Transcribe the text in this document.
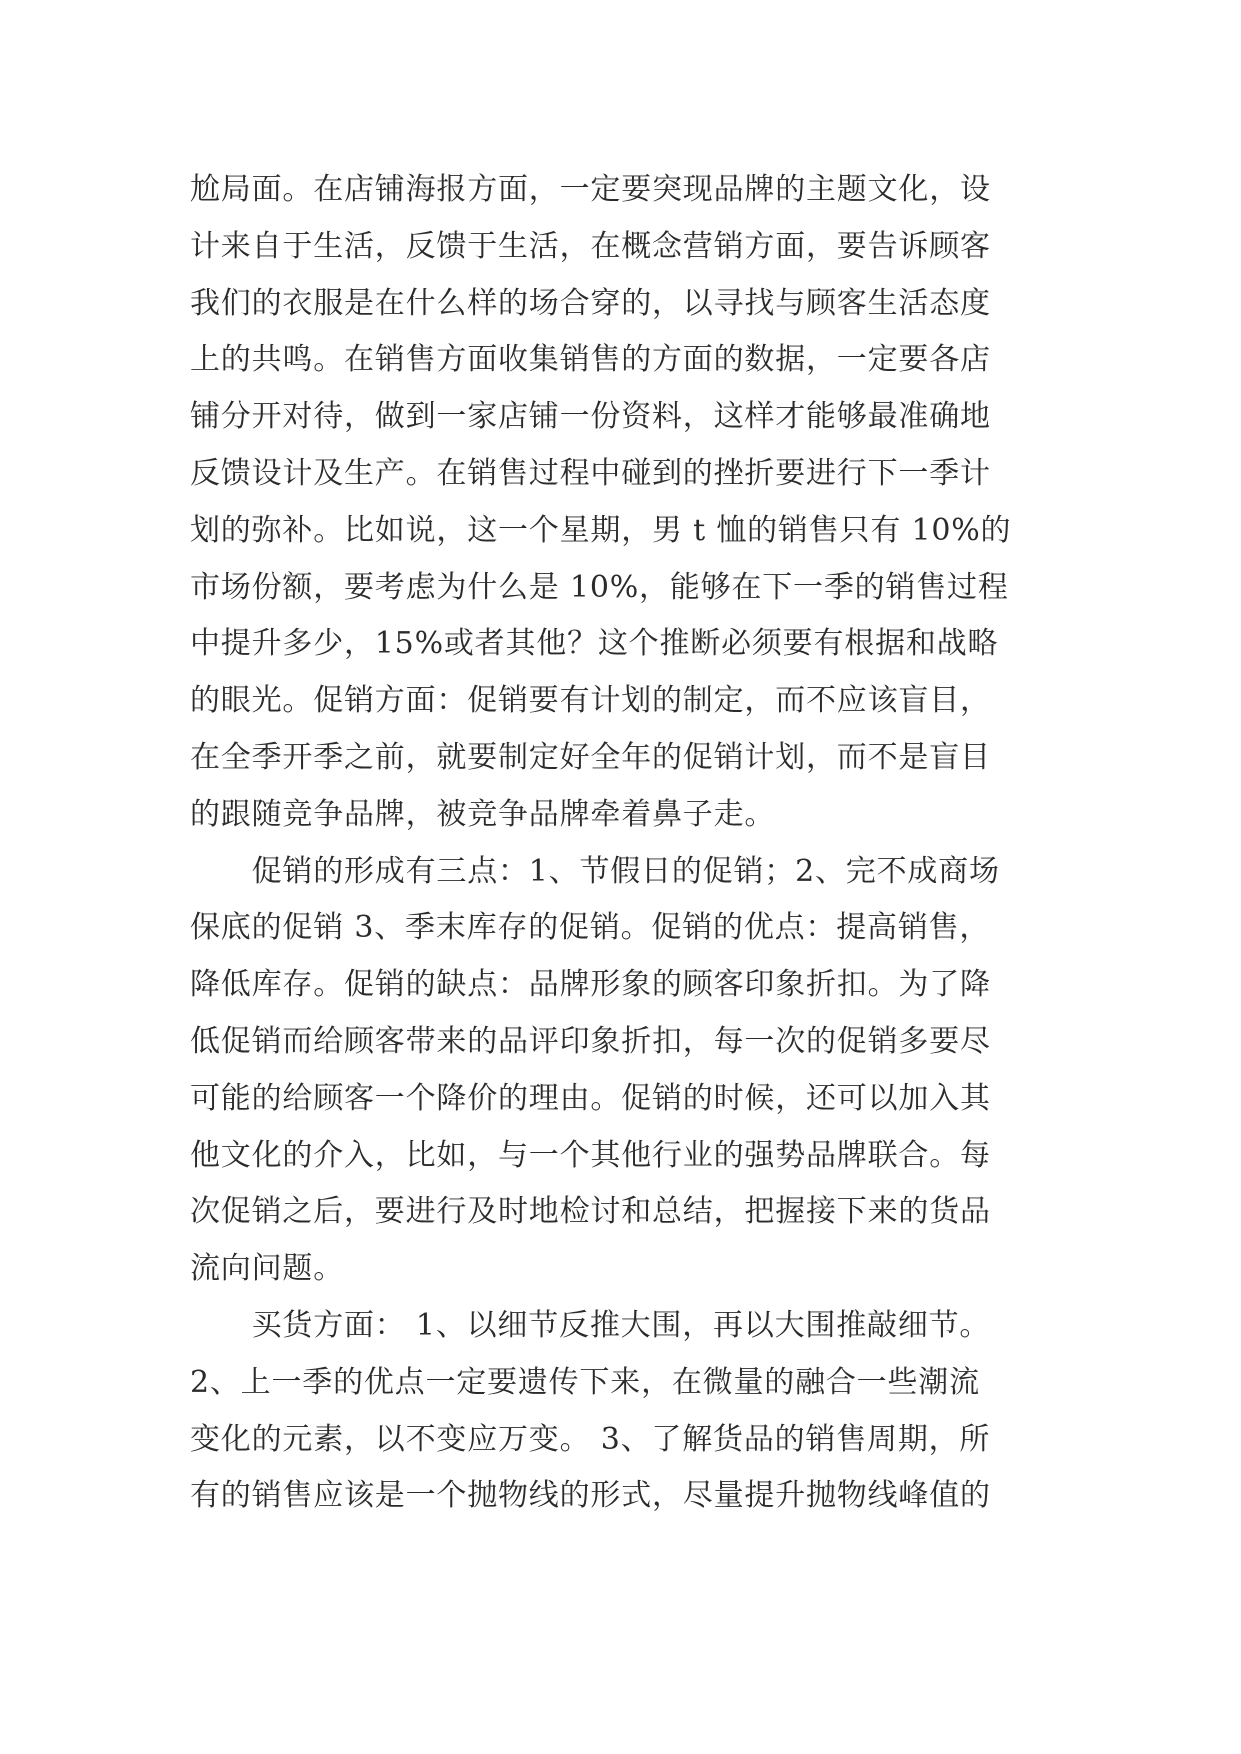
尬局面。在店铺海报方面，一定要突现品牌的主题文化，设
计来自于生活，反馈于生活，在概念营销方面，要告诉顾客
我们的衣服是在什么样的场合穿的，以寻找与顾客生活态度
上的共鸣。在销售方面收集销售的方面的数据，一定要各店
铺分开对待，做到一家店铺一份资料，这样才能够最准确地
反馈设计及生产。在销售过程中碰到的挫折要进行下一季计
划的弥补。比如说，这一个星期，男 t 恤的销售只有 10%的
市场份额，要考虑为什么是 10%，能够在下一季的销售过程
中提升多少，15%或者其他？这个推断必须要有根据和战略
的眼光。促销方面：促销要有计划的制定，而不应该盲目，
在全季开季之前，就要制定好全年的促销计划，而不是盲目
的跟随竞争品牌，被竞争品牌牵着鼻子走。
　　促销的形成有三点：1、节假日的促销；2、完不成商场
保底的促销 3、季末库存的促销。促销的优点：提高销售，
降低库存。促销的缺点：品牌形象的顾客印象折扣。为了降
低促销而给顾客带来的品评印象折扣，每一次的促销多要尽
可能的给顾客一个降价的理由。促销的时候，还可以加入其
他文化的介入，比如，与一个其他行业的强势品牌联合。每
次促销之后，要进行及时地检讨和总结，把握接下来的货品
流向问题。
　　买货方面： 1、以细节反推大围，再以大围推敲细节。
2、上一季的优点一定要遗传下来，在微量的融合一些潮流
变化的元素，以不变应万变。 3、了解货品的销售周期，所
有的销售应该是一个抛物线的形式，尽量提升抛物线峰值的
